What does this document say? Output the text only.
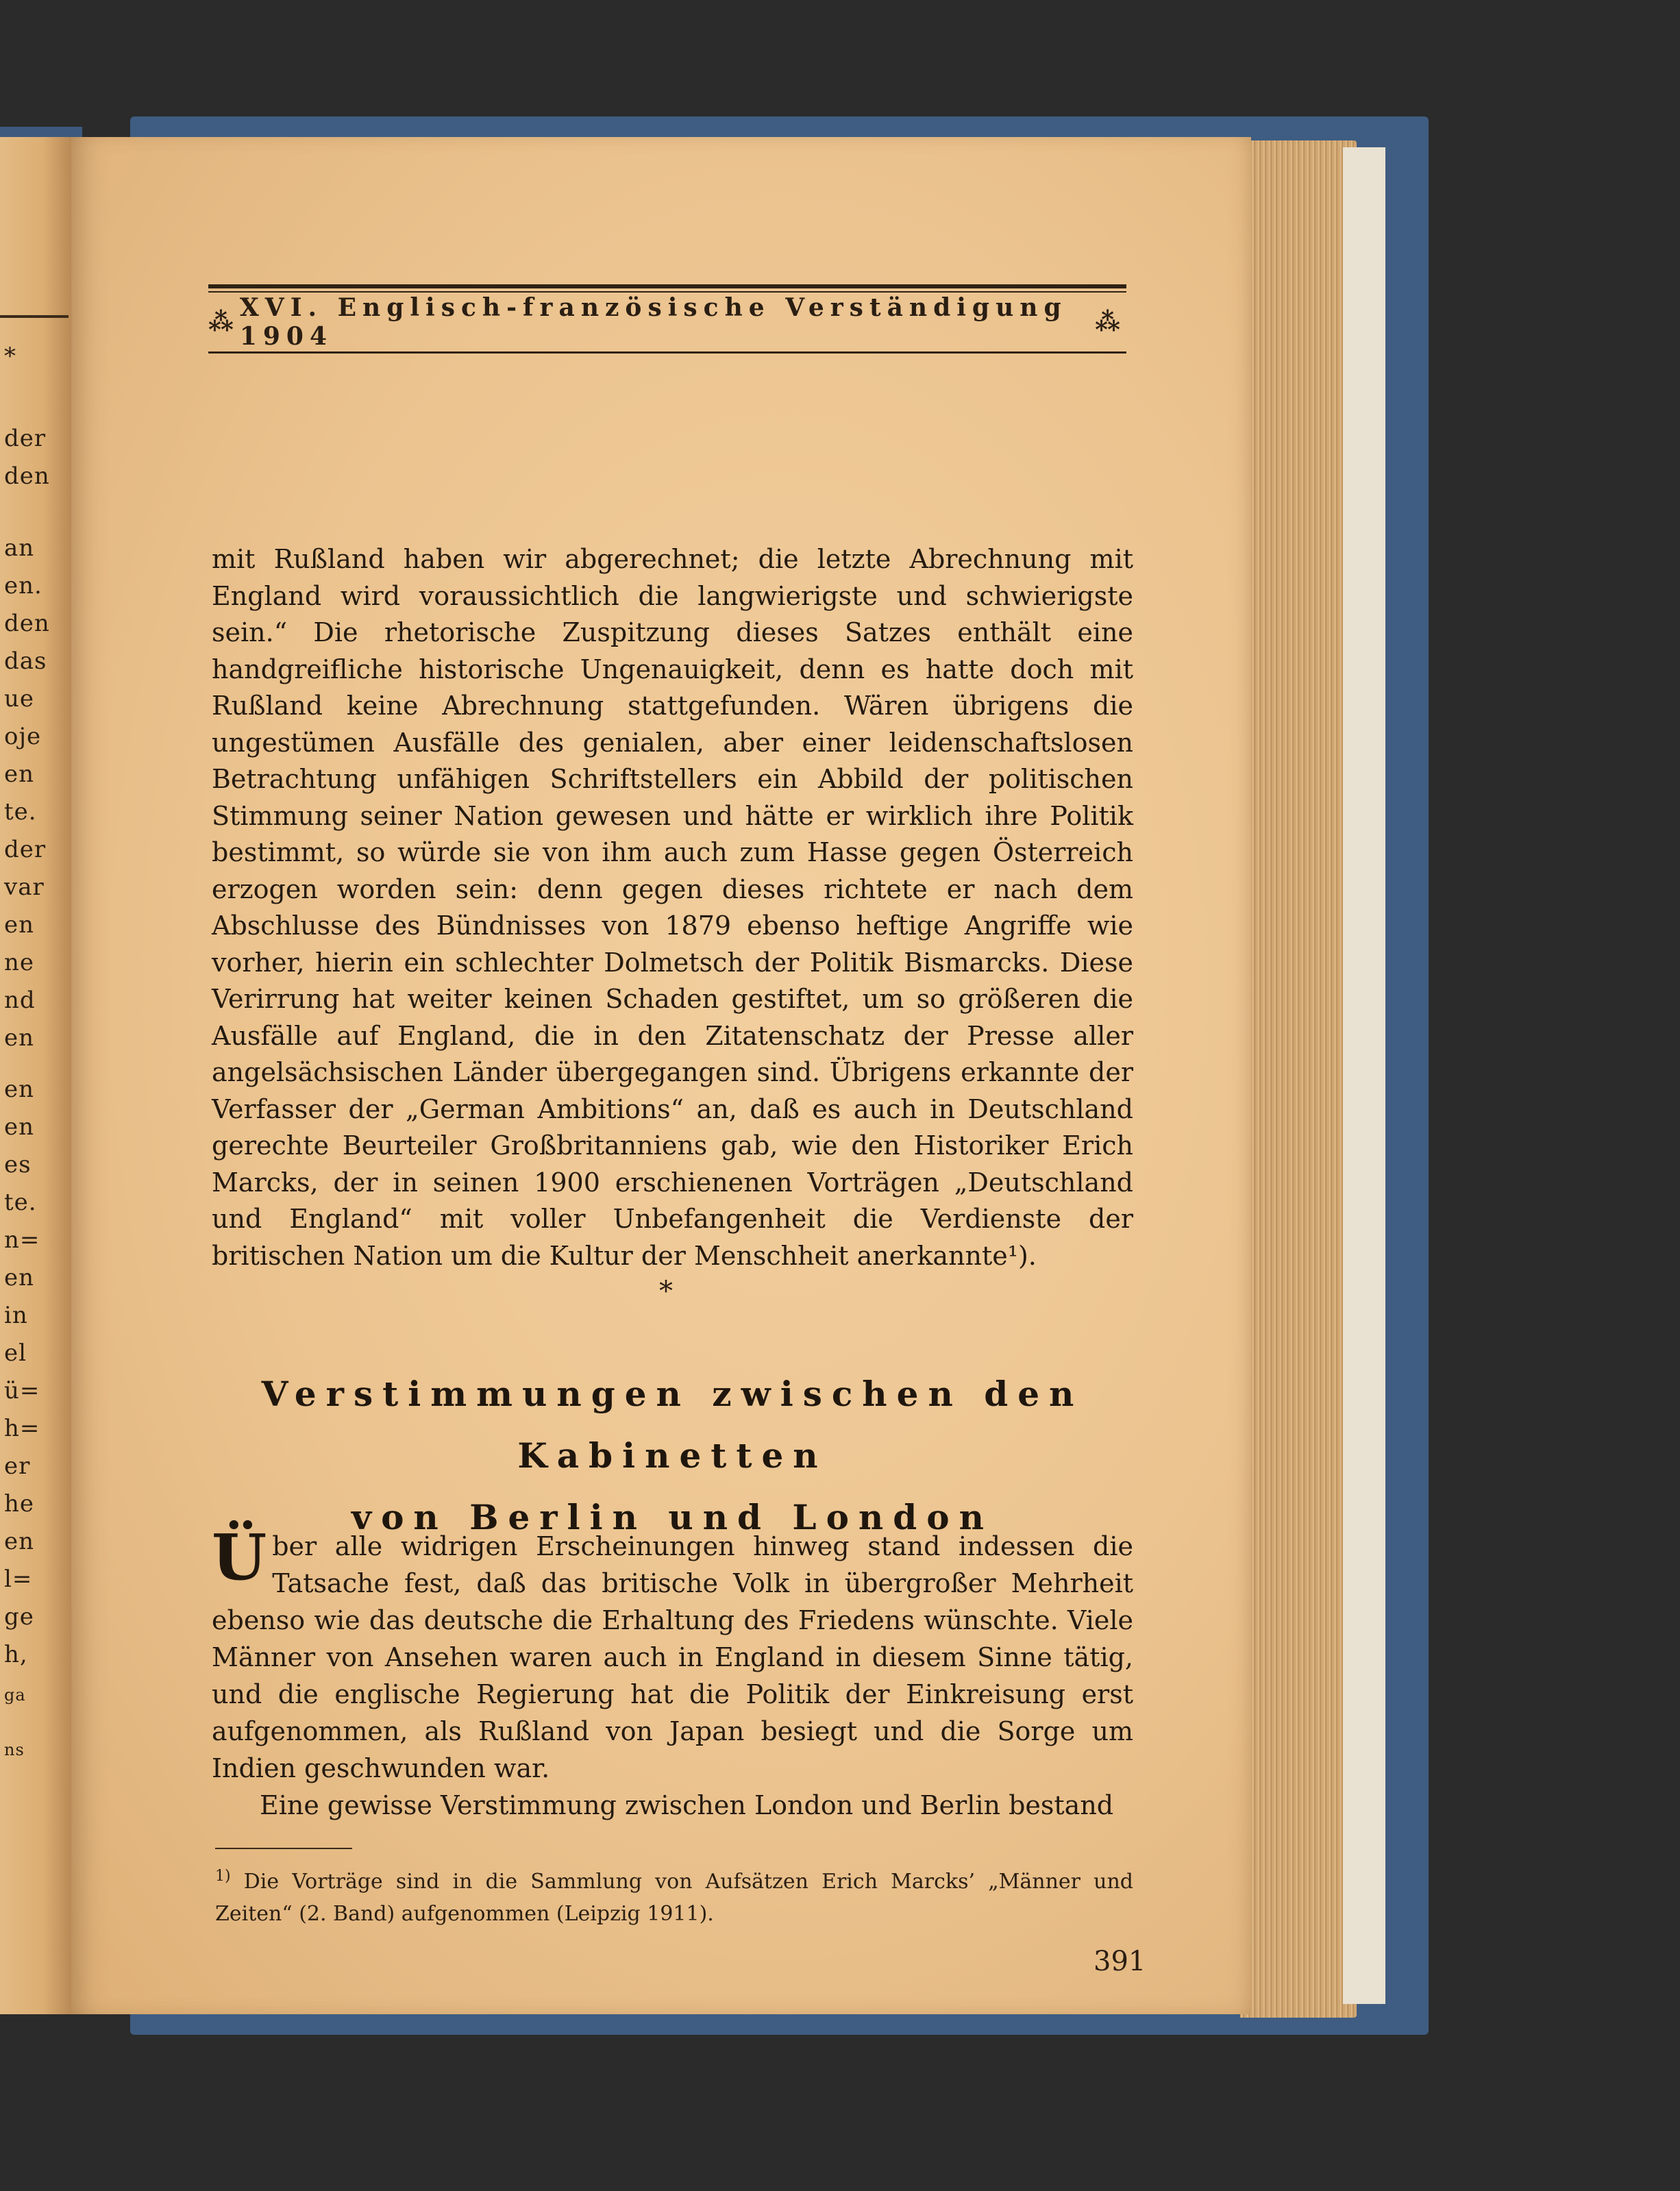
*
der
den
an
en.
den
das
ue
oje
en
te.
der
var
en
ne
nd
en
en
en
es
te.
n=
en
in
el
ü=
h=
er
he
en
l=
ge
h,
ga
ns
⁂ XVI. Englisch-französische Verständigung 1904	⁂

mit Rußland haben wir abgerechnet; die letzte Abrechnung mit England wird voraussichtlich die langwierigste und schwierigste sein.“ Die rhetorische Zuspitzung dieses Satzes enthält eine handgreifliche historische Ungenauigkeit, denn es hatte doch mit Rußland keine Abrechnung stattgefunden. Wären übrigens die ungestümen Ausfälle des genialen, aber einer leidenschaftslosen Betrachtung unfähigen Schriftstellers ein Abbild der politischen Stimmung seiner Nation gewesen und hätte er wirklich ihre Politik bestimmt, so würde sie von ihm auch zum Hasse gegen Österreich erzogen worden sein: denn gegen dieses richtete er nach dem Abschlusse des Bündnisses von 1879 ebenso heftige Angriffe wie vorher, hierin ein schlechter Dolmetsch der Politik Bismarcks. Diese Verirrung hat weiter keinen Schaden gestiftet, um so größeren die Ausfälle auf England, die in den Zitatenschatz der Presse aller angelsächsischen Länder übergegangen sind. Übrigens erkannte der Verfasser der „German Ambitions“ an, daß es auch in Deutschland gerechte Beurteiler Großbritanniens gab, wie den Historiker Erich Marcks, der in seinen 1900 erschienenen Vorträgen „Deutschland und England“ mit voller Unbefangenheit die Verdienste der britischen Nation um die Kultur der Menschheit anerkannte¹).

*
Verstimmungen zwischen den Kabinetten
von Berlin und London

Über alle widrigen Erscheinungen hinweg stand indessen die Tatsache fest, daß das britische Volk in übergroßer Mehrheit ebenso wie das deutsche die Erhaltung des Friedens wünschte. Viele Männer von Ansehen waren auch in England in diesem Sinne tätig, und die englische Regierung hat die Politik der Einkreisung erst aufgenommen, als Rußland von Japan besiegt und die Sorge um Indien geschwunden war.

Eine gewisse Verstimmung zwischen London und Berlin bestand

$^{1)}$ Die Vorträge sind in die Sammlung von Aufsätzen Erich Marcks’ „Männer und Zeiten“ (2. Band) aufgenommen (Leipzig 1911).
391
